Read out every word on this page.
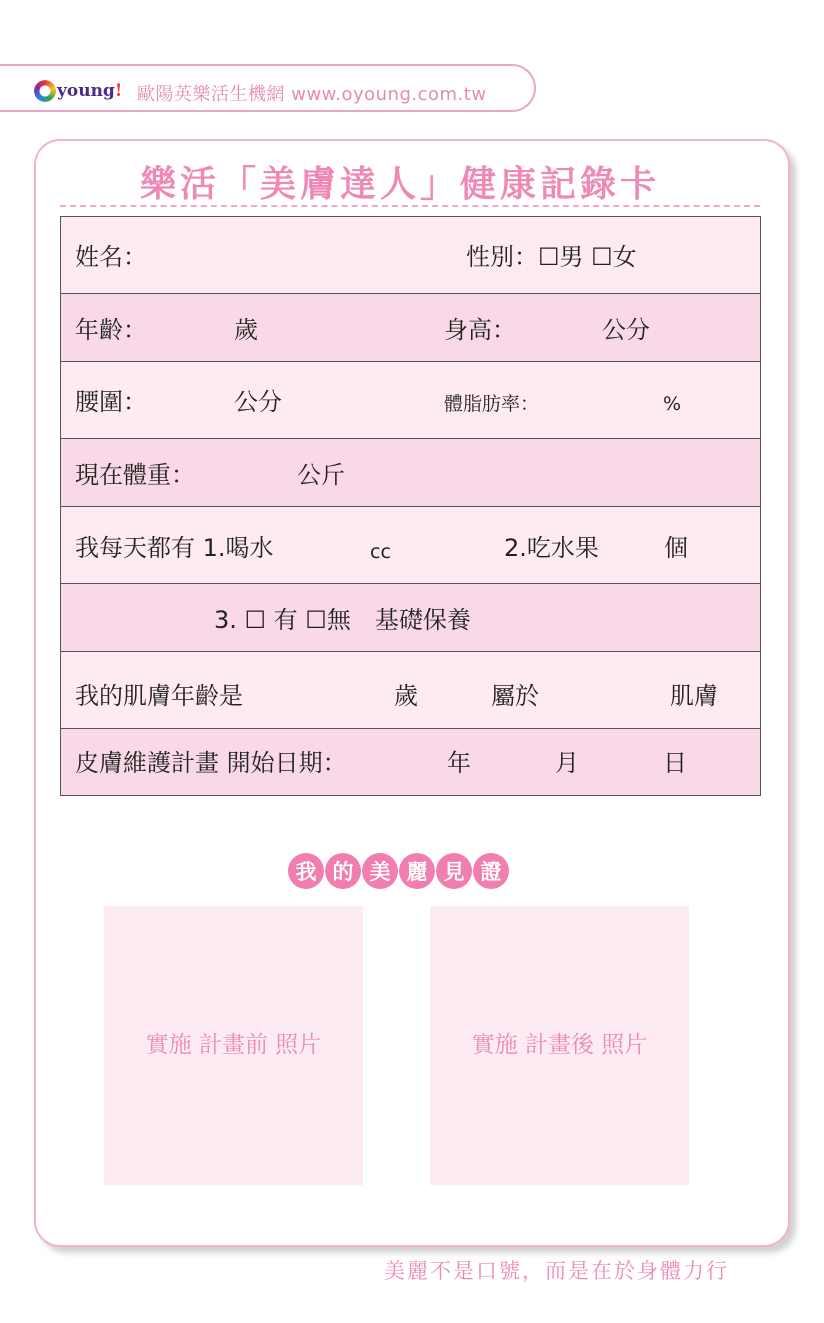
young ! 歐陽英樂活生機網 www.oyoung.com.tw
樂活「美膚達人」健康記錄卡
姓名：	性別：☐男 ☐女
年齡：	歲	身高：	公分
腰圍：	公分	體脂肪率：	%
現在體重：	公斤
我每天都有 1.喝水	cc	2.吃水果	個
3. ☐ 有 ☐無　基礎保養
我的肌膚年齡是	歲	屬於	肌膚
皮膚維護計畫 開始日期：	年	月	日
我 的 美 麗 見 證
實施 計畫前 照片	實施 計畫後 照片
美麗不是口號，而是在於身體力行
